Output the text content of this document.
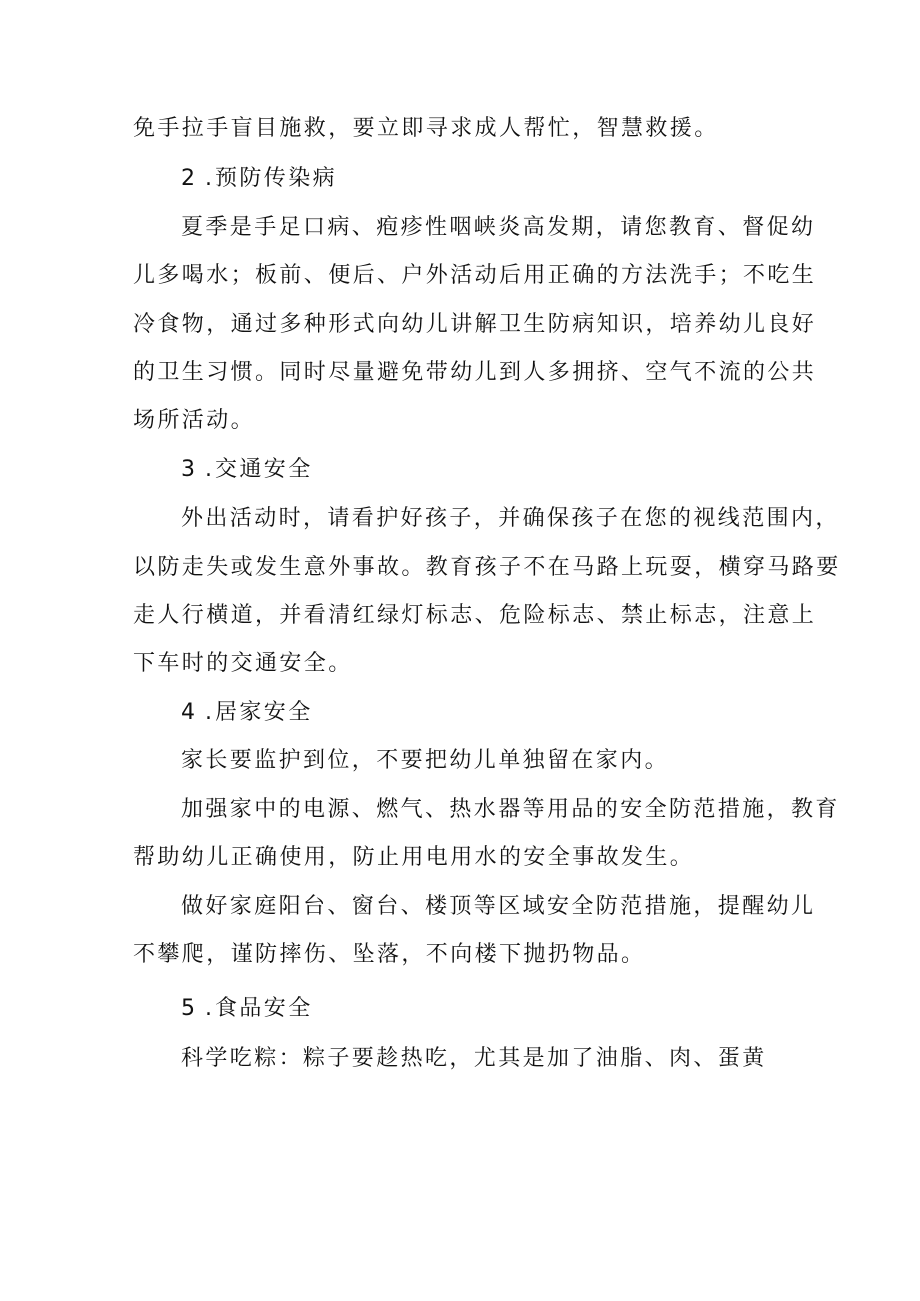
免手拉手盲目施救，要立即寻求成人帮忙，智慧救援。
2 . 预防传染病
夏季是手足口病、疱疹性咽峡炎高发期，请您教育、督促幼
儿多喝水；板前、便后、户外活动后用正确的方法洗手；不吃生
冷食物，通过多种形式向幼儿讲解卫生防病知识，培养幼儿良好
的卫生习惯。同时尽量避免带幼儿到人多拥挤、空气不流的公共
场所活动。
3 . 交通安全
外出活动时，请看护好孩子，并确保孩子在您的视线范围内，
以防走失或发生意外事故。教育孩子不在马路上玩耍，横穿马路要
走人行横道，并看清红绿灯标志、危险标志、禁止标志，注意上
下车时的交通安全。
4 . 居家安全
家长要监护到位，不要把幼儿单独留在家内。
加强家中的电源、燃气、热水器等用品的安全防范措施，教育
帮助幼儿正确使用，防止用电用水的安全事故发生。
做好家庭阳台、窗台、楼顶等区域安全防范措施，提醒幼儿
不攀爬，谨防摔伤、坠落，不向楼下抛扔物品。
5 . 食品安全
科学吃粽：粽子要趁热吃，尤其是加了油脂、肉、蛋黄
